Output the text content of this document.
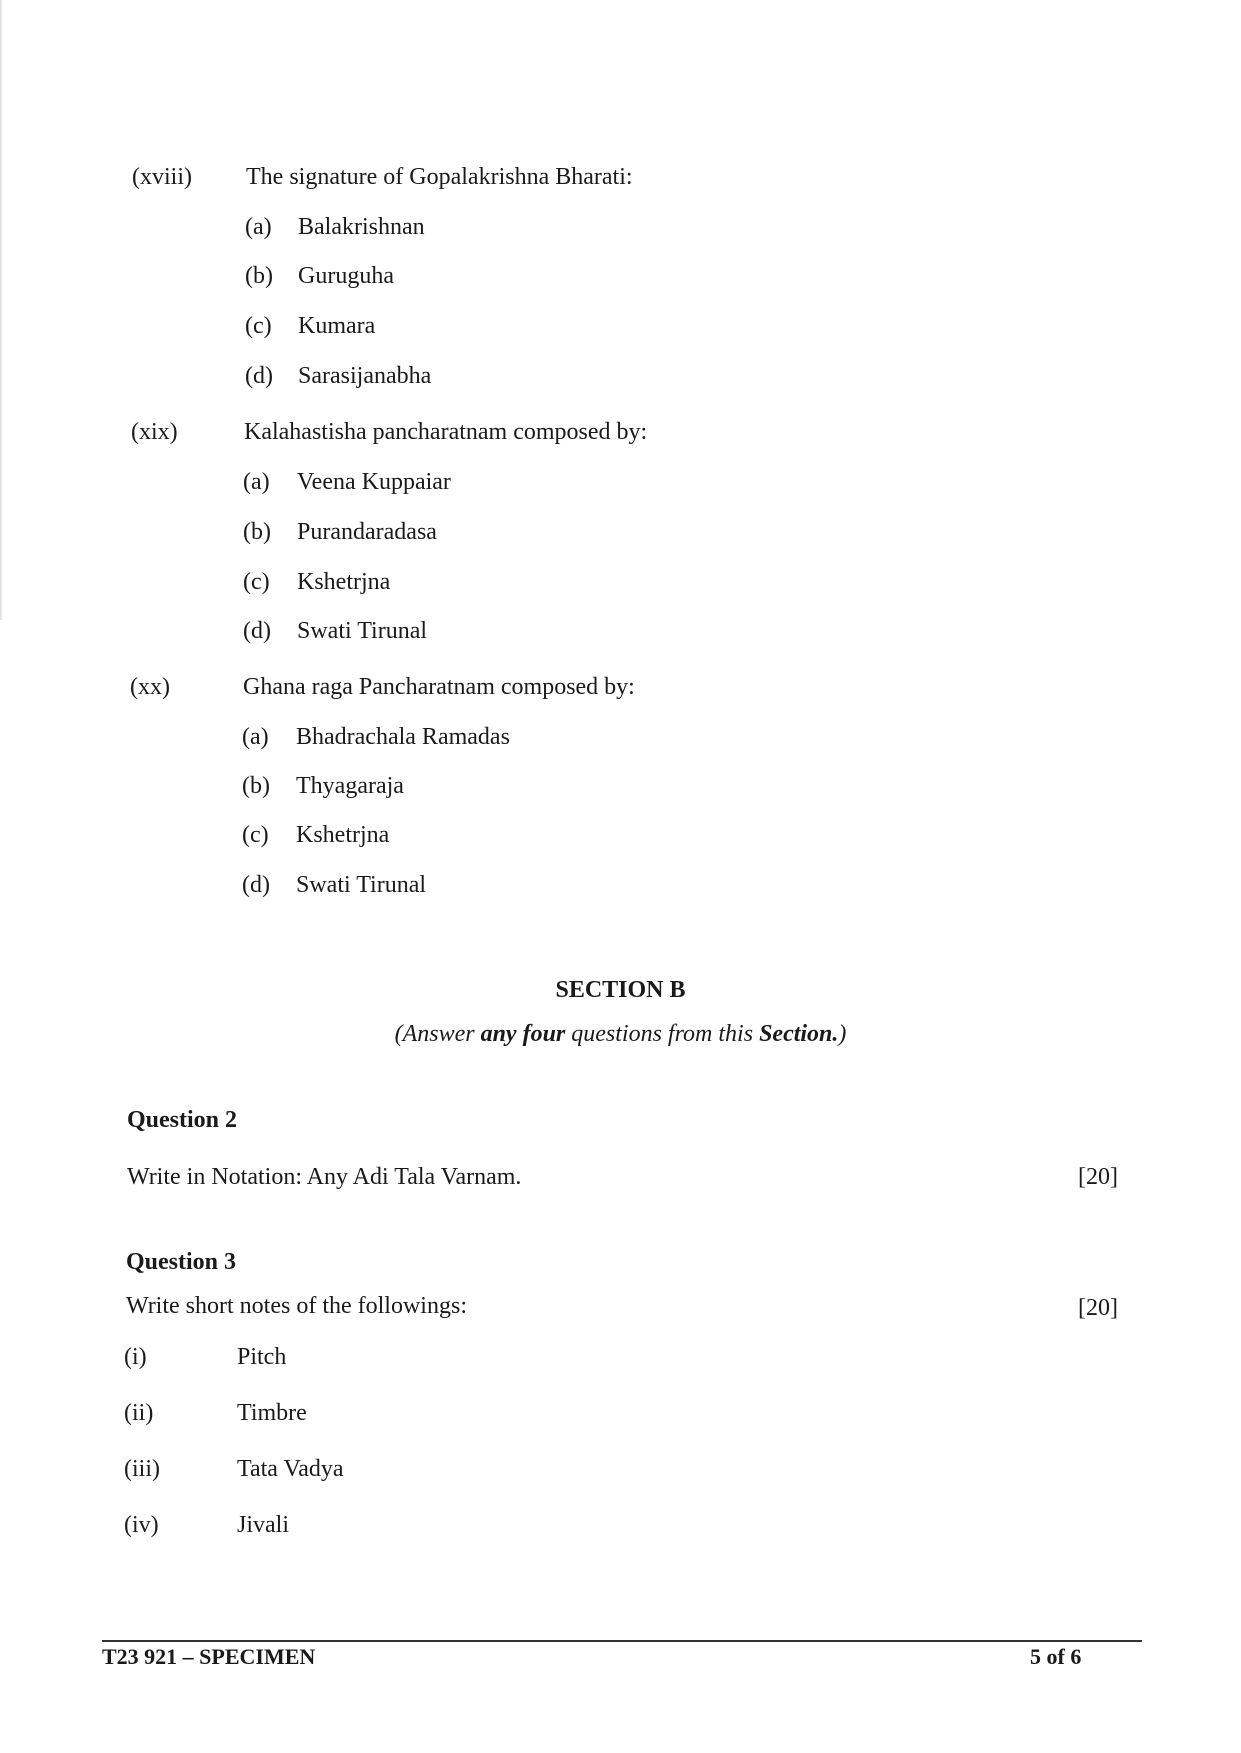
(xviii) The signature of Gopalakrishna Bharati:
(a) Balakrishnan
(b) Guruguha
(c) Kumara
(d) Sarasijanabha
(xix)	Kalahastisha pancharatnam composed by:
(a) Veena Kuppaiar
(b) Purandaradasa
(c) Kshetrjna
(d) Swati Tirunal
(xx)	Ghana raga Pancharatnam composed by:
(a) Bhadrachala Ramadas
(b) Thyagaraja
(c) Kshetrjna
(d) Swati Tirunal
SECTION B
(Answer any four questions from this Section.)
Question 2
Write in Notation: Any Adi Tala Varnam.	[20]
Question 3
Write short notes of the followings:	[20]
(i)	Pitch
(ii)	Timbre
(iii)	Tata Vadya
(iv)	Jivali
T23 921 – SPECIMEN	5 of 6
